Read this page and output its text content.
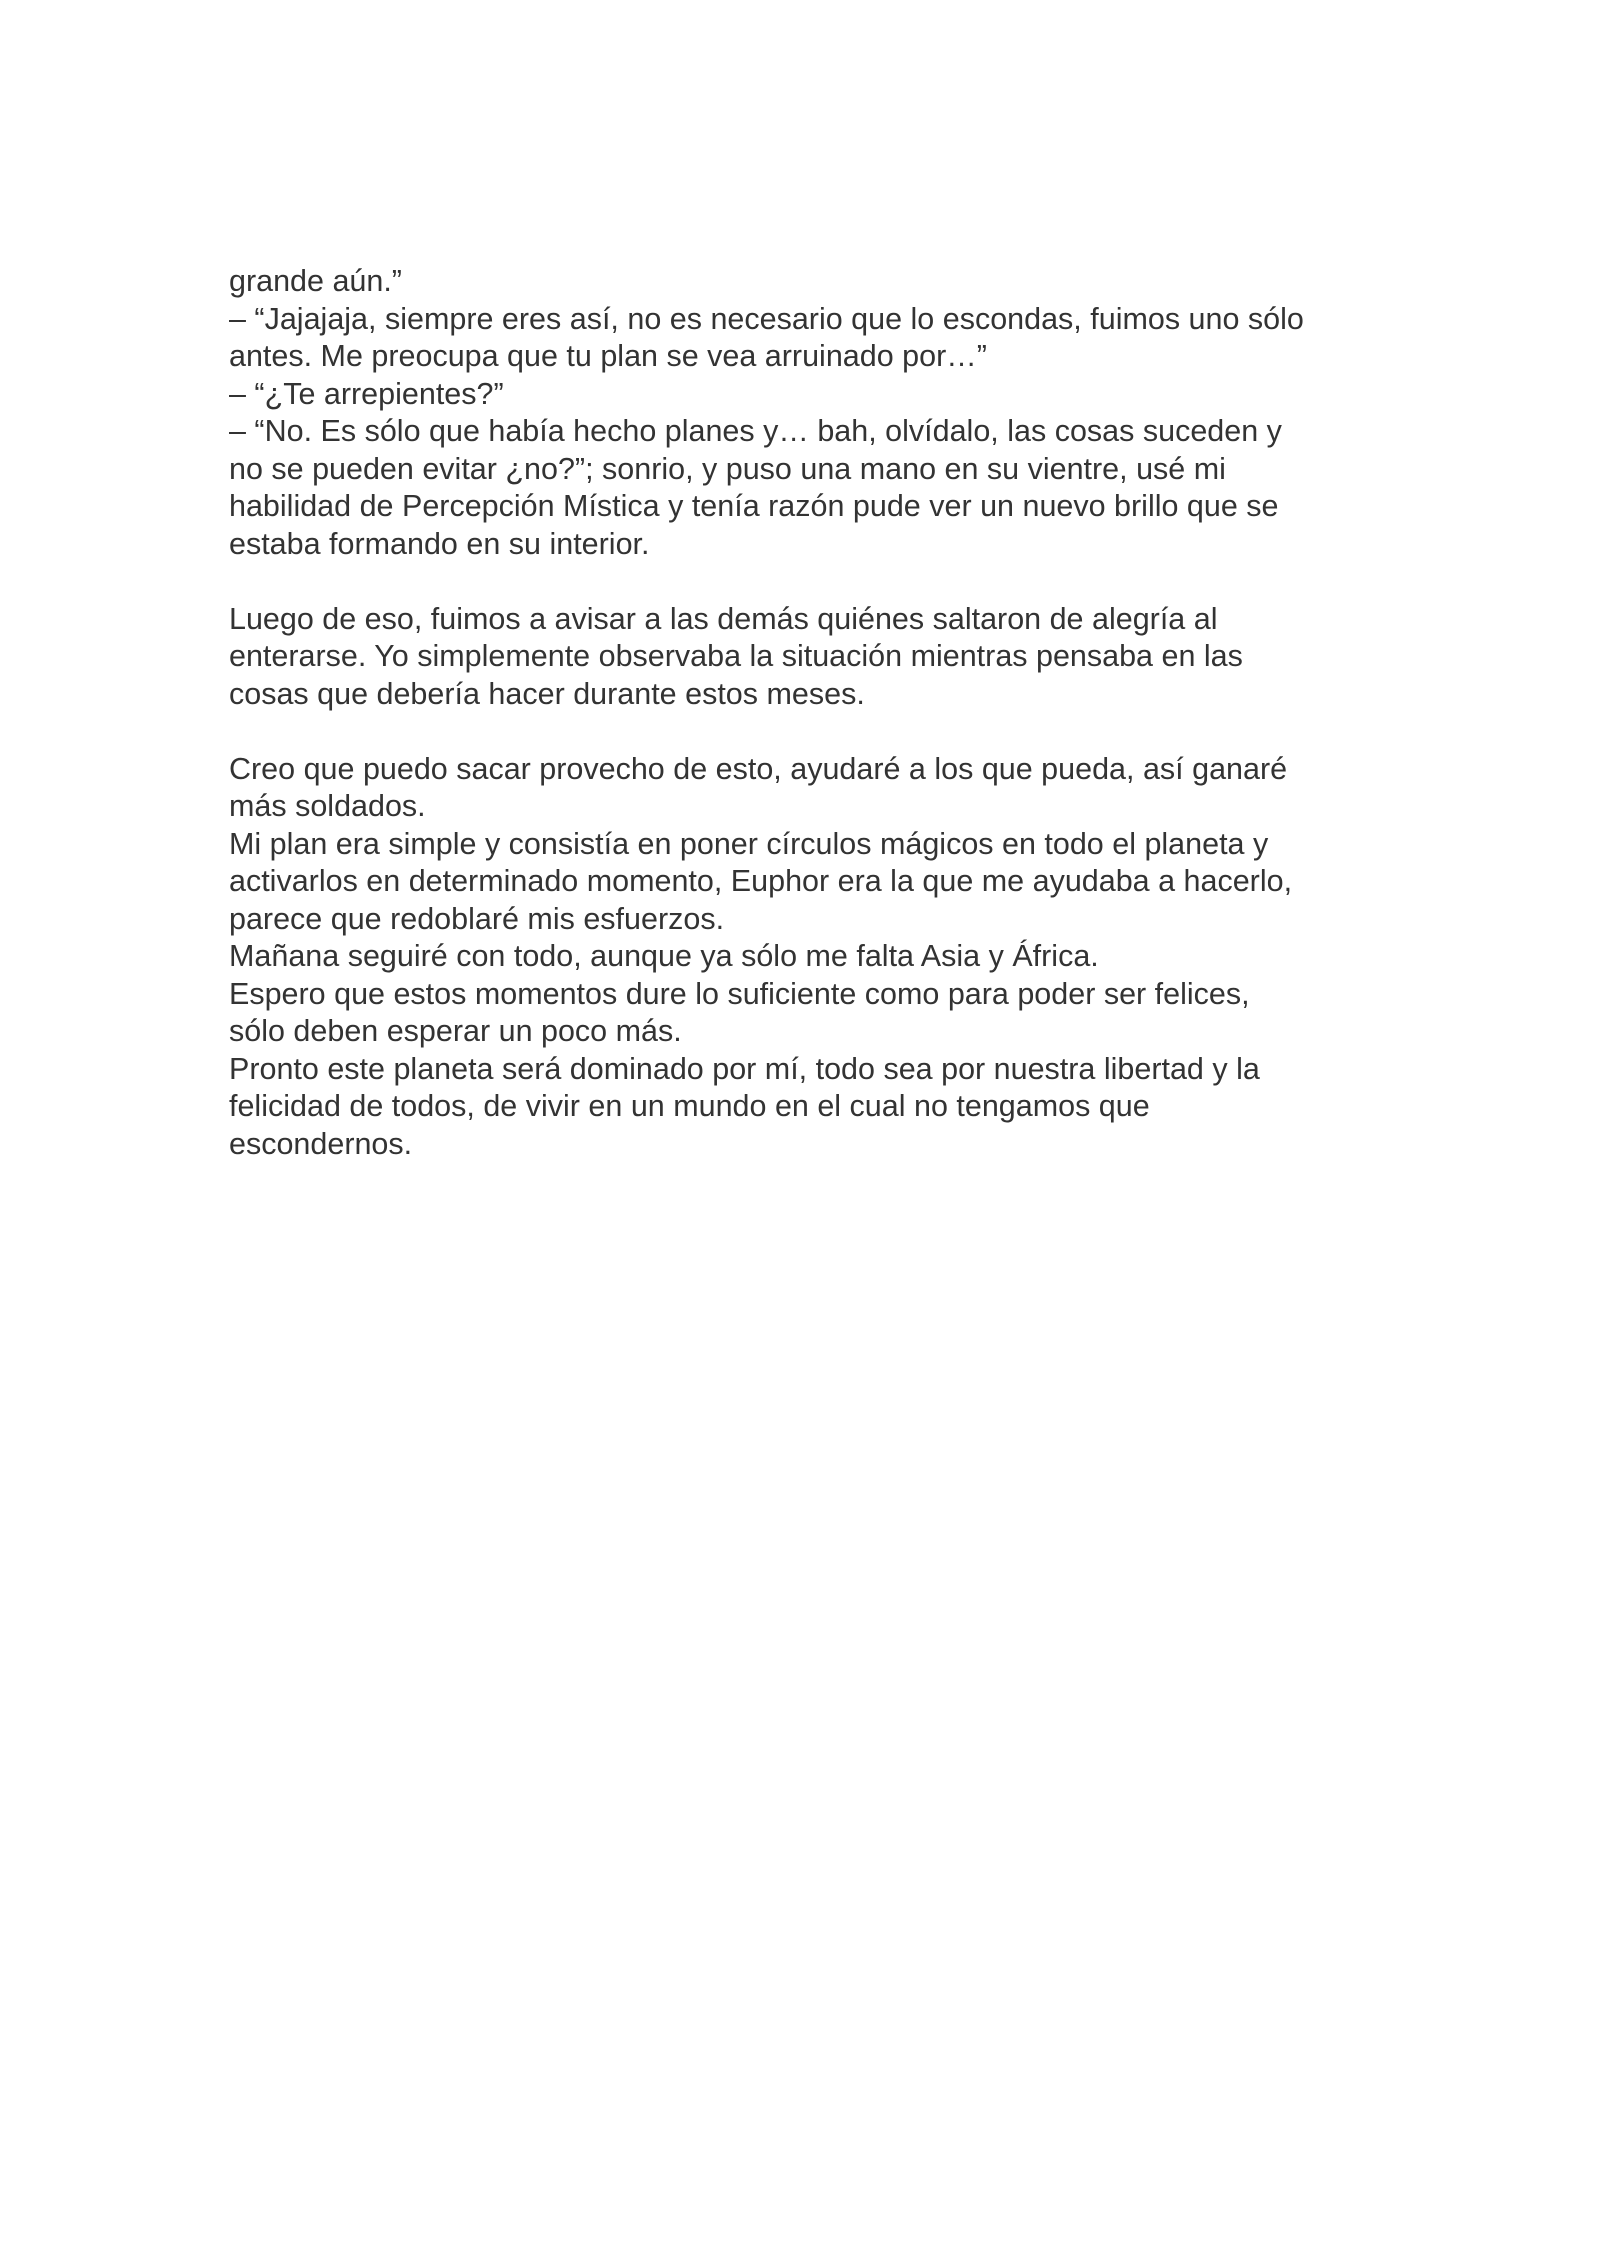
grande aún.”
– “Jajajaja, siempre eres así, no es necesario que lo escondas, fuimos uno sólo
antes. Me preocupa que tu plan se vea arruinado por…”
– “¿Te arrepientes?”
– “No. Es sólo que había hecho planes y… bah, olvídalo, las cosas suceden y
no se pueden evitar ¿no?”; sonrio, y puso una mano en su vientre, usé mi
habilidad de Percepción Mística y tenía razón pude ver un nuevo brillo que se
estaba formando en su interior.

Luego de eso, fuimos a avisar a las demás quiénes saltaron de alegría al
enterarse. Yo simplemente observaba la situación mientras pensaba en las
cosas que debería hacer durante estos meses.

Creo que puedo sacar provecho de esto, ayudaré a los que pueda, así ganaré
más soldados.
Mi plan era simple y consistía en poner círculos mágicos en todo el planeta y
activarlos en determinado momento, Euphor era la que me ayudaba a hacerlo,
parece que redoblaré mis esfuerzos.
Mañana seguiré con todo, aunque ya sólo me falta Asia y África.
Espero que estos momentos dure lo suficiente como para poder ser felices,
sólo deben esperar un poco más.
Pronto este planeta será dominado por mí, todo sea por nuestra libertad y la
felicidad de todos, de vivir en un mundo en el cual no tengamos que
escondernos.
